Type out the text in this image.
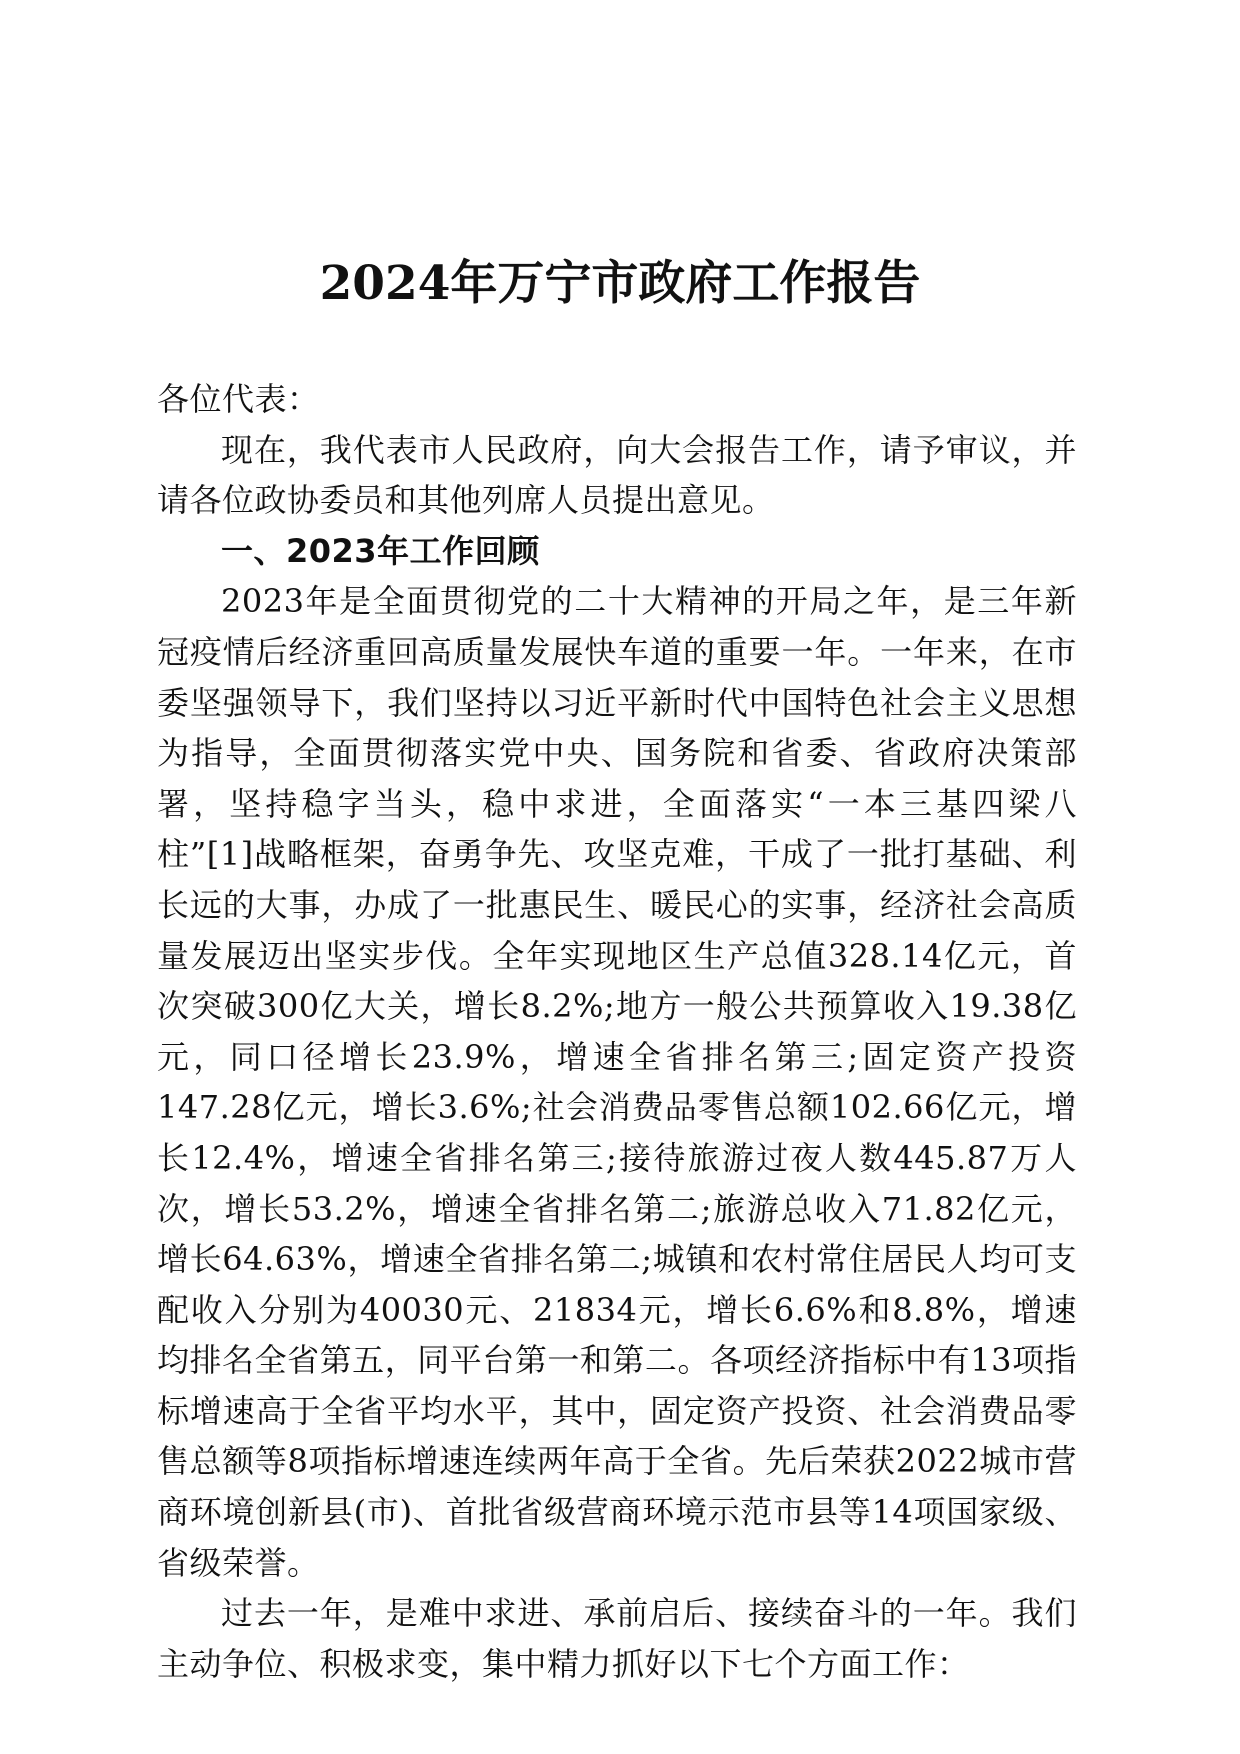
2024年万宁市政府工作报告

各位代表：

现在，我代表市人民政府，向大会报告工作，请予审议，并请各位政协委员和其他列席人员提出意见。

一、2023年工作回顾

2023年是全面贯彻党的二十大精神的开局之年，是三年新冠疫情后经济重回高质量发展快车道的重要一年。一年来，在市委坚强领导下，我们坚持以习近平新时代中国特色社会主义思想为指导，全面贯彻落实党中央、国务院和省委、省政府决策部署，坚持稳字当头，稳中求进，全面落实“一本三基四梁八柱”[1]战略框架，奋勇争先、攻坚克难，干成了一批打基础、利长远的大事，办成了一批惠民生、暖民心的实事，经济社会高质量发展迈出坚实步伐。全年实现地区生产总值328.14亿元，首次突破300亿大关，增长8.2%;地方一般公共预算收入19.38亿元，同口径增长23.9%，增速全省排名第三;固定资产投资147.28亿元，增长3.6%;社会消费品零售总额102.66亿元，增长12.4%，增速全省排名第三;接待旅游过夜人数445.87万人次，增长53.2%，增速全省排名第二;旅游总收入71.82亿元，增长64.63%，增速全省排名第二;城镇和农村常住居民人均可支配收入分别为40030元、21834元，增长6.6%和8.8%，增速均排名全省第五，同平台第一和第二。各项经济指标中有13项指标增速高于全省平均水平，其中，固定资产投资、社会消费品零售总额等8项指标增速连续两年高于全省。先后荣获2022城市营商环境创新县(市)、首批省级营商环境示范市县等14项国家级、省级荣誉。

过去一年，是难中求进、承前启后、接续奋斗的一年。我们主动争位、积极求变，集中精力抓好以下七个方面工作：
